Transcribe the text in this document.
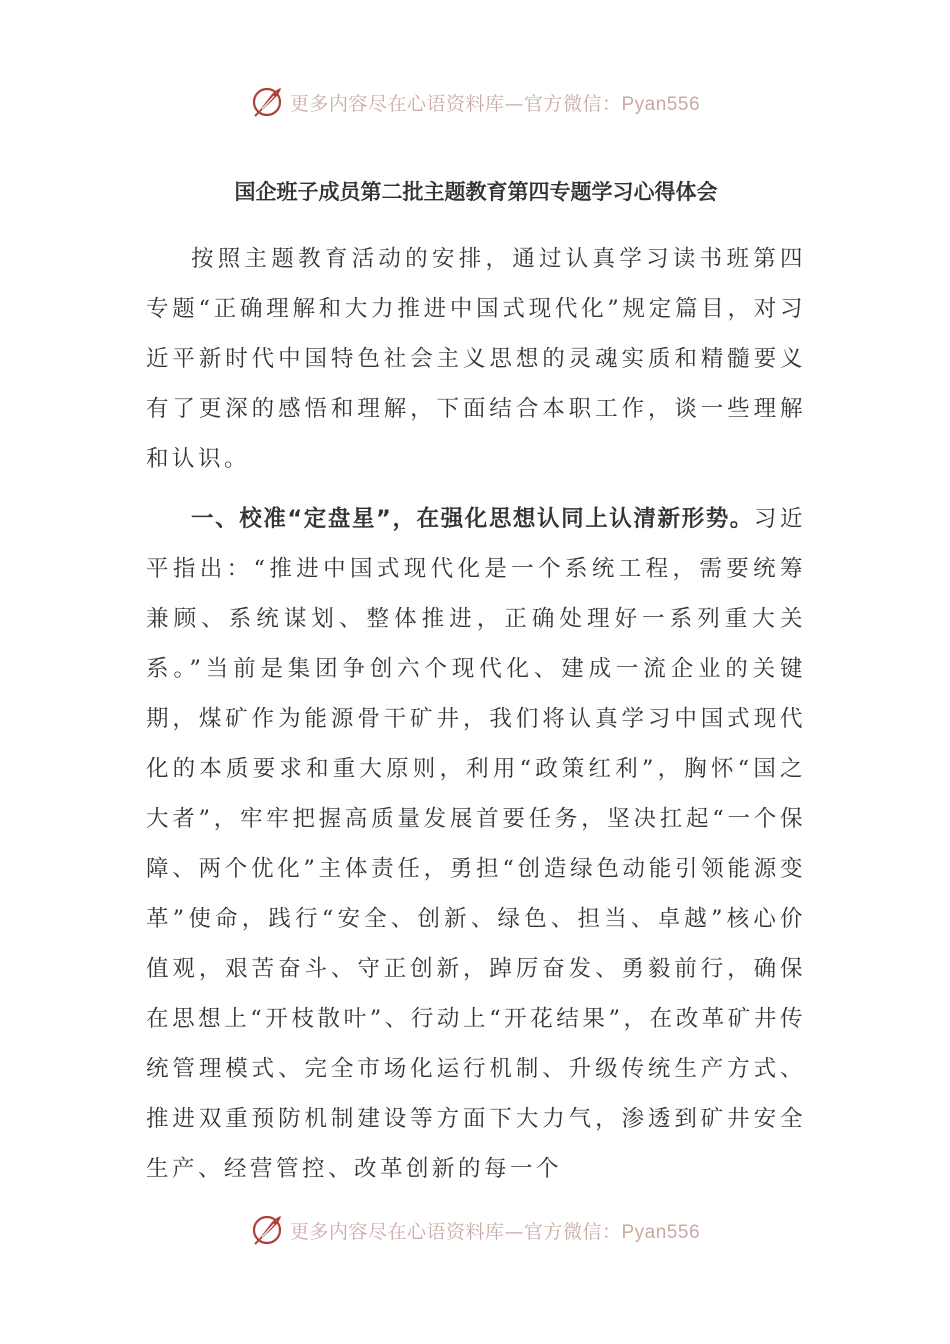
更多内容尽在心语资料库—官方微信：Pyan556
国企班子成员第二批主题教育第四专题学习心得体会

按照主题教育活动的安排，通过认真学习读书班第四专题“正确理解和大力推进中国式现代化”规定篇目，对习近平新时代中国特色社会主义思想的灵魂实质和精髓要义有了更深的感悟和理解，下面结合本职工作，谈一些理解和认识。

一、校准“定盘星”，在强化思想认同上认清新形势。习近平指出：“推进中国式现代化是一个系统工程，需要统筹兼顾、系统谋划、整体推进，正确处理好一系列重大关系。”当前是集团争创六个现代化、建成一流企业的关键期，煤矿作为能源骨干矿井，我们将认真学习中国式现代化的本质要求和重大原则，利用“政策红利”，胸怀“国之大者”，牢牢把握高质量发展首要任务，坚决扛起“一个保障、两个优化”主体责任，勇担“创造绿色动能引领能源变革”使命，践行“安全、创新、绿色、担当、卓越”核心价值观，艰苦奋斗、守正创新，踔厉奋发、勇毅前行，确保在思想上“开枝散叶”、行动上“开花结果”，在改革矿井传统管理模式、完全市场化运行机制、升级传统生产方式、推进双重预防机制建设等方面下大力气，渗透到矿井安全生产、经营管控、改革创新的每一个

更多内容尽在心语资料库—官方微信：Pyan556
